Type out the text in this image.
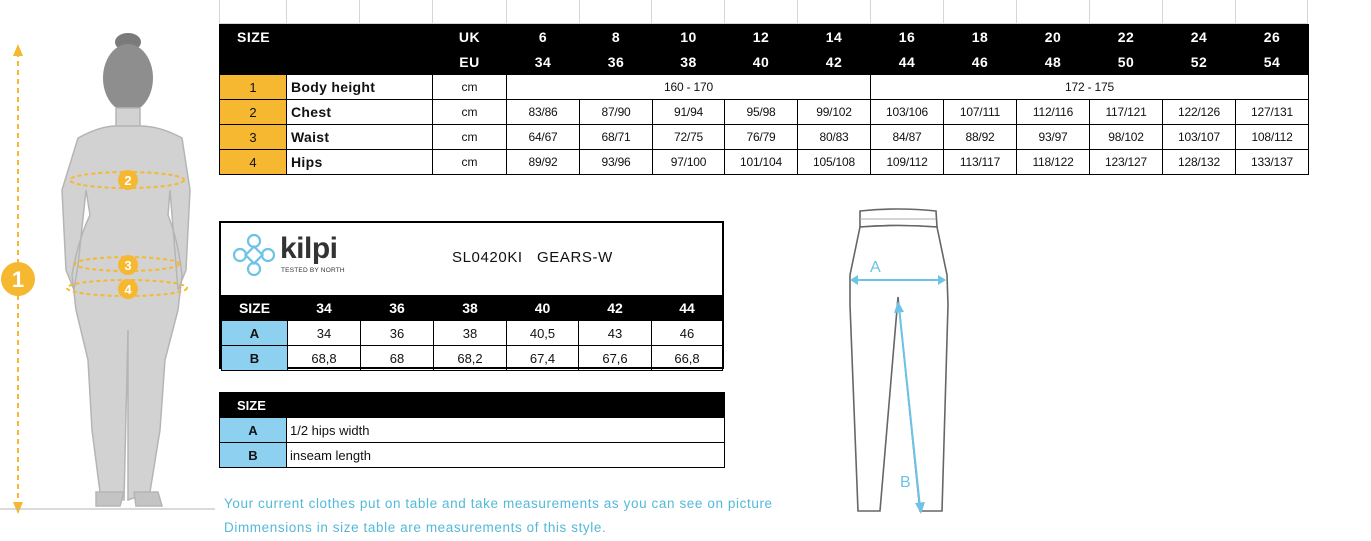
1
2
3
4
SIZE		UK	6	8	10	12	14	16	18	20	22	24	26
		EU	34	36	38	40	42	44	46	48	50	52	54
1	Body height	cm	160 - 170					172 - 175					
2	Chest	cm	83/86	87/90	91/94	95/98	99/102	103/106	107/111	112/116	117/121	122/126	127/131
3	Waist	cm	64/67	68/71	72/75	76/79	80/83	84/87	88/92	93/97	98/102	103/107	108/112
4	Hips	cm	89/92	93/96	97/100	101/104	105/108	109/112	113/117	118/122	123/127	128/132	133/137
SIZE	34	36	38	40	42	44
A	34	36	38	40,5	43	46
B	68,8	68	68,2	67,4	67,6	66,8
kilpi
TESTED BY NORTH
SL0420KI GEARS-W
SIZE	
A	1/2 hips width
B	inseam length
A
B
Your current clothes put on table and take measurements as you can see on picture
Dimmensions in size table are measurements of this style.
